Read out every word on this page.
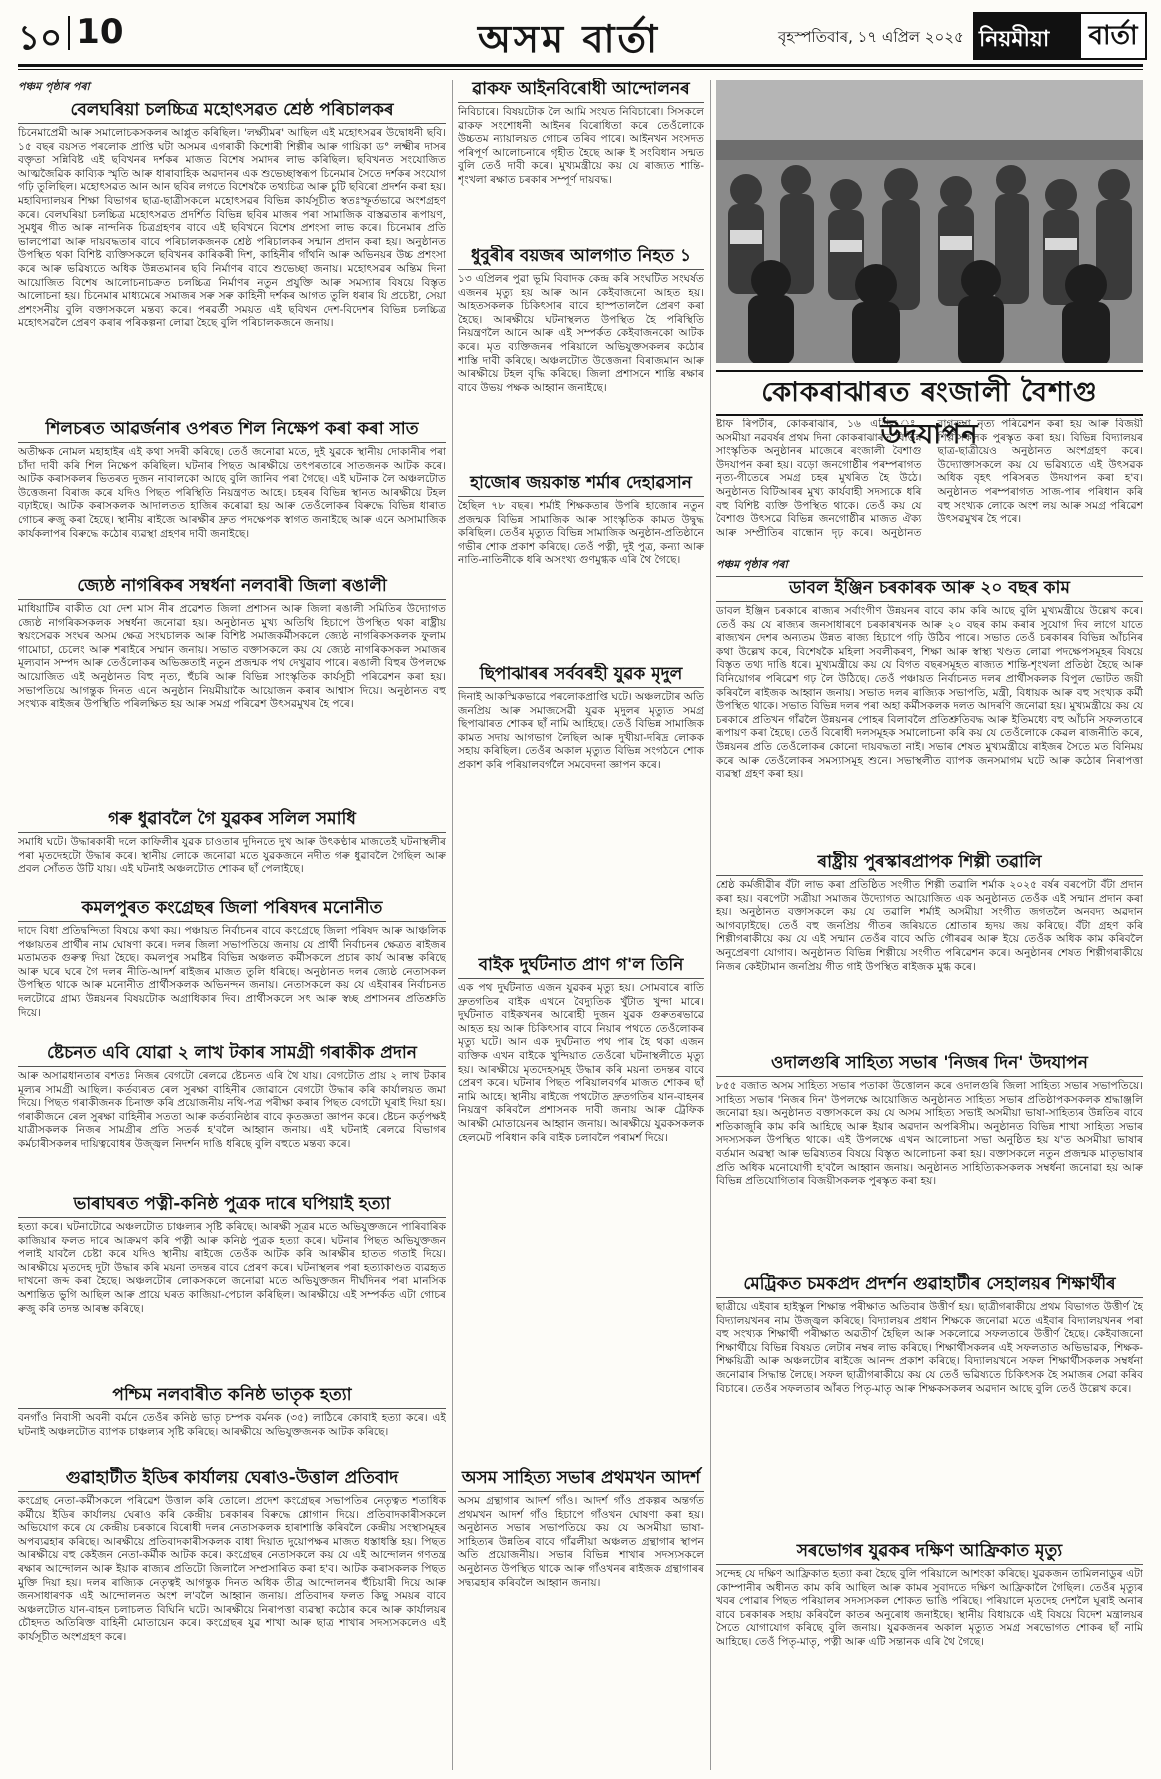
১০ 10	অসম বাৰ্তা	বৃহস্পতিবাৰ, ১৭ এপ্ৰিল ২০২৫ নিয়মীয়া বাৰ্তা
পঞ্চম পৃষ্ঠাৰ পৰা
বেলঘৰিয়া চলচ্চিত্ৰ মহোৎসৱত শ্ৰেষ্ঠ পৰিচালকৰ

চিনেমাপ্ৰেমী আৰু সমালোচকসকলৰ আপ্লুত কৰিছিল। 'লক্ষ্যীমৰ' আছিল এই মহোৎসৱৰ উদ্বোধনী ছবি। ১৫ বছৰ বয়সত পৰলোক প্ৰাপ্তি ঘটা অসমৰ এগৰাকী কিশোৰী শিল্পীৰ আৰু গায়িকা ড° লক্ষ্মীৰ দাসৰ বক্তৃতা সন্নিবিষ্ট এই ছবিখনৰ দৰ্শকৰ মাজত বিশেষ সমাদৰ লাভ কৰিছিল। ছবিখনত সংযোজিত আত্মজৈৱিক কাব্যিক স্মৃতি আৰু ধাৰাবাহিক অৱদানৰ এক শুভেচ্ছাস্বৰূপ চিনেমাৰ সৈতে দৰ্শকৰ সংযোগ গঢ়ি তুলিছিল। মহোৎসৱত আন আন ছবিৰ লগতে বিশেষকৈ তথ্যচিত্ৰ আৰু চুটি ছবিৰো প্ৰদৰ্শন কৰা হয়। মহাবিদ্যালয়ৰ শিক্ষা বিভাগৰ ছাত্ৰ-ছাত্ৰীসকলে মহোৎসৱৰ বিভিন্ন কাৰ্যসূচীত স্বতঃস্ফূৰ্তভাৱে অংশগ্ৰহণ কৰে। বেলঘৰিয়া চলচ্চিত্ৰ মহোৎসৱত প্ৰদৰ্শিত বিভিন্ন ছবিৰ মাজৰ পৰা সামাজিক বাস্তৱতাৰ ৰূপায়ণ, সুমধুৰ গীত আৰু নান্দনিক চিত্ৰগ্ৰহণৰ বাবে এই ছবিখনে বিশেষ প্ৰশংসা লাভ কৰে। চিনেমাৰ প্ৰতি ভালপোৱা আৰু দায়বদ্ধতাৰ বাবে পৰিচালকজনক শ্ৰেষ্ঠ পৰিচালকৰ সন্মান প্ৰদান কৰা হয়। অনুষ্ঠানত উপস্থিত থকা বিশিষ্ট ব্যক্তিসকলে ছবিখনৰ কাৰিকৰী দিশ, কাহিনীৰ গাঁথনি আৰু অভিনয়ৰ উচ্চ প্ৰশংসা কৰে আৰু ভৱিষ্যতে অধিক উন্নতমানৰ ছবি নিৰ্মাণৰ বাবে শুভেচ্ছা জনায়। মহোৎসৱৰ অন্তিম দিনা আয়োজিত বিশেষ আলোচনাচক্ৰত চলচ্চিত্ৰ নিৰ্মাণৰ নতুন প্ৰযুক্তি আৰু সমস্যাৰ বিষয়ে বিস্তৃত আলোচনা হয়। চিনেমাৰ মাধ্যমেৰে সমাজৰ সৰু সৰু কাহিনী দৰ্শকৰ আগত তুলি ধৰাৰ যি প্ৰচেষ্টা, সেয়া প্ৰশংসনীয় বুলি বক্তাসকলে মন্তব্য কৰে। পৰৱৰ্তী সময়ত এই ছবিখন দেশ-বিদেশৰ বিভিন্ন চলচ্চিত্ৰ মহোৎসৱলৈ প্ৰেৰণ কৰাৰ পৰিকল্পনা লোৱা হৈছে বুলি পৰিচালকজনে জনায়।

শিলচৰত আৱৰ্জনাৰ ওপৰত শিল নিক্ষেপ কৰা কৰা সাত

অতীক্ষক নোমল মহাহাইৰ এই কথা সদৰী কৰিছে। তেওঁ জনোৱা মতে, দুই যুৱকে স্থানীয় দোকানীৰ পৰা চাঁদা দাবী কৰি শিল নিক্ষেপ কৰিছিল। ঘটনাৰ পিছত আৰক্ষীয়ে তৎপৰতাৰে সাতজনক আটক কৰে। আটক কৰাসকলৰ ভিতৰত দুজন নাবালকো আছে বুলি জানিব পৰা গৈছে। এই ঘটনাক লৈ অঞ্চলটোত উত্তেজনা বিৰাজ কৰে যদিও পিছত পৰিস্থিতি নিয়ন্ত্ৰণত আহে। চহৰৰ বিভিন্ন স্থানত আৰক্ষীয়ে টহল বঢ়াইছে। আটক কৰাসকলক আদালতত হাজিৰ কৰোৱা হয় আৰু তেওঁলোকৰ বিৰুদ্ধে বিভিন্ন ধাৰাত গোচৰ ৰুজু কৰা হৈছে। স্থানীয় ৰাইজে আৰক্ষীৰ দ্ৰুত পদক্ষেপক স্বাগত জনাইছে আৰু এনে অসামাজিক কাৰ্যকলাপৰ বিৰুদ্ধে কঠোৰ ব্যৱস্থা গ্ৰহণৰ দাবী জনাইছে।

জ্যেষ্ঠ নাগৰিকৰ সম্বৰ্ধনা নলবাৰী জিলা ৰঙালী

মাধিয়াটিৰ বাকীত যো দেশ মাস নীৰ প্ৰৱেশত জিলা প্ৰশাসন আৰু জিলা ৰঙালী সমিতিৰ উদ্যোগত জ্যেষ্ঠ নাগৰিকসকলক সম্বৰ্ধনা জনোৱা হয়। অনুষ্ঠানত মুখ্য অতিথি হিচাপে উপস্থিত থকা ৰাষ্ট্ৰীয় স্বয়ংসেৱক সংঘৰ অসম ক্ষেত্ৰ সংঘচালক আৰু বিশিষ্ট সমাজকৰ্মীসকলে জ্যেষ্ঠ নাগৰিকসকলক ফুলাম গামোচা, চেলেং আৰু শৰাইৰে সম্মান জনায়। সভাত বক্তাসকলে কয় যে জ্যেষ্ঠ নাগৰিকসকল সমাজৰ মূল্যবান সম্পদ আৰু তেওঁলোকৰ অভিজ্ঞতাই নতুন প্ৰজন্মক পথ দেখুৱাব পাৰে। ৰঙালী বিহুৰ উপলক্ষে আয়োজিত এই অনুষ্ঠানত বিহু নৃত্য, হুঁচৰি আৰু বিভিন্ন সাংস্কৃতিক কাৰ্যসূচী পৰিৱেশন কৰা হয়। সভাপতিয়ে আগন্তুক দিনত এনে অনুষ্ঠান নিয়মীয়াকৈ আয়োজন কৰাৰ আশ্বাস দিয়ে। অনুষ্ঠানত বহু সংখ্যক ৰাইজৰ উপস্থিতি পৰিলক্ষিত হয় আৰু সমগ্ৰ পৰিৱেশ উৎসৱমুখৰ হৈ পৰে।

গৰু ধুৱাবলৈ গৈ যুৱকৰ সলিল সমাধি

সমাধি ঘটে। উদ্ধাৰকাৰী দলে কাফিলীৰ যুৱক চাওতাৰ দুদিনতে দুখ আৰু উৎকণ্ঠাৰ মাজতেই ঘটনাস্থলীৰ পৰা মৃতদেহটো উদ্ধাৰ কৰে। স্থানীয় লোকে জনোৱা মতে যুৱকজনে নদীত গৰু ধুৱাবলৈ গৈছিল আৰু প্ৰবল সোঁতত উটি যায়। এই ঘটনাই অঞ্চলটোত শোকৰ ছাঁ পেলাইছে।

কমলপুৰত কংগ্ৰেছৰ জিলা পৰিষদৰ মনোনীত

দাদে বিধা প্ৰতিদ্বন্দিতা বিষয়ে কথা কয়। পঞ্চায়ত নিৰ্বাচনৰ বাবে কংগ্ৰেছে জিলা পৰিষদ আৰু আঞ্চলিক পঞ্চায়তৰ প্ৰাৰ্থীৰ নাম ঘোষণা কৰে। দলৰ জিলা সভাপতিয়ে জনায় যে প্ৰাৰ্থী নিৰ্বাচনৰ ক্ষেত্ৰত ৰাইজৰ মতামতক গুৰুত্ব দিয়া হৈছে। কমলপুৰ সমষ্টিৰ বিভিন্ন অঞ্চলত কৰ্মীসকলে প্ৰচাৰ কাৰ্য আৰম্ভ কৰিছে আৰু ঘৰে ঘৰে গৈ দলৰ নীতি-আদৰ্শ ৰাইজৰ মাজত তুলি ধৰিছে। অনুষ্ঠানত দলৰ জ্যেষ্ঠ নেতাসকল উপস্থিত থাকে আৰু মনোনীত প্ৰাৰ্থীসকলক অভিনন্দন জনায়। নেতাসকলে কয় যে এইবাৰৰ নিৰ্বাচনত দলটোৱে গ্ৰাম্য উন্নয়নৰ বিষয়টোক অগ্ৰাধিকাৰ দিব। প্ৰাৰ্থীসকলে সৎ আৰু স্বচ্ছ প্ৰশাসনৰ প্ৰতিশ্ৰুতি দিয়ে।

ষ্টেচনত এবি যোৱা ২ লাখ টকাৰ সামগ্ৰী গৰাকীক প্ৰদান

আৰু অসাৱধানতাৰ বশতঃ নিজৰ বেগটো ৰেলৱে ষ্টেচনত এৰি থৈ যায়। বেগটোত প্ৰায় ২ লাখ টকাৰ মূল্যৰ সামগ্ৰী আছিল। কৰ্তব্যৰত ৰেল সুৰক্ষা বাহিনীৰ জোৱানে বেগটো উদ্ধাৰ কৰি কাৰ্যালয়ত জমা দিয়ে। পিছত গৰাকীজনক চিনাক্ত কৰি প্ৰয়োজনীয় নথি-পত্ৰ পৰীক্ষা কৰাৰ পিছত বেগটো ঘূৰাই দিয়া হয়। গৰাকীজনে ৰেল সুৰক্ষা বাহিনীৰ সততা আৰু কৰ্তব্যনিষ্ঠাৰ বাবে কৃতজ্ঞতা জ্ঞাপন কৰে। ষ্টেচন কৰ্তৃপক্ষই যাত্ৰীসকলক নিজৰ সামগ্ৰীৰ প্ৰতি সতৰ্ক হ'বলৈ আহ্বান জনায়। এই ঘটনাই ৰেলৱে বিভাগৰ কৰ্মচাৰীসকলৰ দায়িত্ববোধৰ উজ্জ্বল নিদৰ্শন দাঙি ধৰিছে বুলি বহুতে মন্তব্য কৰে।

ভাৰাঘৰত পত্নী-কনিষ্ঠ পুত্ৰক দাৰে ঘপিয়াই হত্যা

হত্যা কৰে। ঘটনাটোৱে অঞ্চলটোত চাঞ্চল্যৰ সৃষ্টি কৰিছে। আৰক্ষী সূত্ৰৰ মতে অভিযুক্তজনে পাৰিবাৰিক কাজিয়াৰ ফলত দাৰে আক্ৰমণ কৰি পত্নী আৰু কনিষ্ঠ পুত্ৰক হত্যা কৰে। ঘটনাৰ পিছত অভিযুক্তজন পলাই যাবলৈ চেষ্টা কৰে যদিও স্থানীয় ৰাইজে তেওঁক আটক কৰি আৰক্ষীৰ হাতত গতাই দিয়ে। আৰক্ষীয়ে মৃতদেহ দুটা উদ্ধাৰ কৰি ময়না তদন্তৰ বাবে প্ৰেৰণ কৰে। ঘটনাস্থলৰ পৰা হত্যাকাণ্ডত ব্যৱহৃত দাখনো জব্দ কৰা হৈছে। অঞ্চলটোৰ লোকসকলে জনোৱা মতে অভিযুক্তজন দীৰ্ঘদিনৰ পৰা মানসিক অশান্তিত ভুগি আছিল আৰু প্ৰায়ে ঘৰত কাজিয়া-পেচাল কৰিছিল। আৰক্ষীয়ে এই সম্পৰ্কত এটা গোচৰ ৰুজু কৰি তদন্ত আৰম্ভ কৰিছে।

পশ্চিম নলবাৰীত কনিষ্ঠ ভাতৃক হত্যা

বনগাঁও নিবাসী অবনী বৰ্মনে তেওঁৰ কনিষ্ঠ ভাতৃ চম্পক বৰ্মনক (৩৫) লাঠিৰে কোবাই হত্যা কৰে। এই ঘটনাই অঞ্চলটোত ব্যাপক চাঞ্চল্যৰ সৃষ্টি কৰিছে। আৰক্ষীয়ে অভিযুক্তজনক আটক কৰিছে।

গুৱাহাটীত ইডিৰ কাৰ্যালয় ঘেৰাও-উত্তাল প্ৰতিবাদ

কংগ্ৰেছ নেতা-কৰ্মীসকলে পৰিৱেশ উত্তাল কৰি তোলে। প্ৰদেশ কংগ্ৰেছৰ সভাপতিৰ নেতৃত্বত শতাধিক কৰ্মীয়ে ইডিৰ কাৰ্যালয় ঘেৰাও কৰি কেন্দ্ৰীয় চৰকাৰৰ বিৰুদ্ধে শ্লোগান দিয়ে। প্ৰতিবাদকাৰীসকলে অভিযোগ কৰে যে কেন্দ্ৰীয় চৰকাৰে বিৰোধী দলৰ নেতাসকলক হাৰাশাস্তি কৰিবলৈ কেন্দ্ৰীয় সংস্থাসমূহৰ অপব্যৱহাৰ কৰিছে। আৰক্ষীয়ে প্ৰতিবাদকাৰীসকলক বাধা দিয়াত দুয়োপক্ষৰ মাজত ধস্তাধস্তি হয়। পিছত আৰক্ষীয়ে বহু কেইজন নেতা-কৰ্মীক আটক কৰে। কংগ্ৰেছৰ নেতাসকলে কয় যে এই আন্দোলন গণতন্ত্ৰ ৰক্ষাৰ আন্দোলন আৰু ইয়াক ৰাজ্যৰ প্ৰতিটো জিলালৈ সম্প্ৰসাৰিত কৰা হ'ব। আটক কৰাসকলক পিছত মুক্তি দিয়া হয়। দলৰ ৰাজ্যিক নেতৃত্বই আগন্তুক দিনত অধিক তীব্ৰ আন্দোলনৰ হুঁচিয়াৰী দিয়ে আৰু জনসাধাৰণক এই আন্দোলনত অংশ ল'বলৈ আহ্বান জনায়। প্ৰতিবাদৰ ফলত কিছু সময়ৰ বাবে অঞ্চলটোত যান-বাহন চলাচলত বিঘিনি ঘটে। আৰক্ষীয়ে নিৰাপত্তা ব্যৱস্থা কঠোৰ কৰে আৰু কাৰ্যালয়ৰ চৌহদত অতিৰিক্ত বাহিনী মোতায়েন কৰে। কংগ্ৰেছৰ যুৱ শাখা আৰু ছাত্ৰ শাখাৰ সদস্যসকলেও এই কাৰ্যসূচীত অংশগ্ৰহণ কৰে।

ৱাকফ আইনবিৰোধী আন্দোলনৰ

নিবিচাৰে। বিষয়টোক লৈ আমি সংযত নিবিচাৰো। সিসকলে ৱাকফ সংশোধনী আইনৰ বিৰোধিতা কৰে তেওঁলোকে উচ্চতম ন্যায়ালয়ত গোচৰ তৰিব পাৰে। আইনখন সংসদত পৰিপূৰ্ণ আলোচনাৰে গৃহীত হৈছে আৰু ই সংবিধান সন্মত বুলি তেওঁ দাবী কৰে। মুখ্যমন্ত্ৰীয়ে কয় যে ৰাজ্যত শান্তি-শৃংখলা ৰক্ষাত চৰকাৰ সম্পূৰ্ণ দায়বদ্ধ।

ধুবুৰীৰ বয়জৰ আলগাত নিহত ১

১৩ এপ্ৰিলৰ পুৱা ভূমি বিবাদক কেন্দ্ৰ কৰি সংঘটিত সংঘৰ্ষত এজনৰ মৃত্যু হয় আৰু আন কেইবাজনো আহত হয়। আহতসকলক চিকিৎসাৰ বাবে হাস্পতাললৈ প্ৰেৰণ কৰা হৈছে। আৰক্ষীয়ে ঘটনাস্থলত উপস্থিত হৈ পৰিস্থিতি নিয়ন্ত্ৰণলৈ আনে আৰু এই সম্পৰ্কত কেইবাজনকো আটক কৰে। মৃত ব্যক্তিজনৰ পৰিয়ালে অভিযুক্তসকলৰ কঠোৰ শাস্তি দাবী কৰিছে। অঞ্চলটোত উত্তেজনা বিৰাজমান আৰু আৰক্ষীয়ে টহল বৃদ্ধি কৰিছে। জিলা প্ৰশাসনে শান্তি ৰক্ষাৰ বাবে উভয় পক্ষক আহ্বান জনাইছে।

হাজোৰ জয়কান্ত শৰ্মাৰ দেহাৱসান

হৈছিল ৭৮ বছৰ। শৰ্মাই শিক্ষকতাৰ উপৰি হাজোৰ নতুন প্ৰজন্মক বিভিন্ন সামাজিক আৰু সাংস্কৃতিক কামত উদ্বুদ্ধ কৰিছিল। তেওঁৰ মৃত্যুত বিভিন্ন সামাজিক অনুষ্ঠান-প্ৰতিষ্ঠানে গভীৰ শোক প্ৰকাশ কৰিছে। তেওঁ পত্নী, দুই পুত্ৰ, কন্যা আৰু নাতি-নাতিনীকে ধৰি অসংখ্য গুণমুগ্ধক এৰি থৈ গৈছে।

ছিপাঝাৰৰ সৰ্ববৰহী যুৱক মৃদুল

দিনাই আকস্মিকভাৱে পৰলোকপ্ৰাপ্তি ঘটে। অঞ্চলটোৰ অতি জনপ্ৰিয় আৰু সমাজসেৱী যুৱক মৃদুলৰ মৃত্যুত সমগ্ৰ ছিপাঝাৰত শোকৰ ছাঁ নামি আহিছে। তেওঁ বিভিন্ন সামাজিক কামত সদায় আগভাগ লৈছিল আৰু দুখীয়া-দৰিদ্ৰ লোকক সহায় কৰিছিল। তেওঁৰ অকাল মৃত্যুত বিভিন্ন সংগঠনে শোক প্ৰকাশ কৰি পৰিয়ালবৰ্গলৈ সমবেদনা জ্ঞাপন কৰে।

বাইক দুৰ্ঘটনাত প্ৰাণ গ'ল তিনি

এক পথ দুৰ্ঘটনাত এজন যুৱকৰ মৃত্যু হয়। সোমবাৰে ৰাতি দ্ৰুতগতিৰ বাইক এখনে বৈদ্যুতিক খুঁটাত খুন্দা মাৰে। দুৰ্ঘটনাত বাইকখনৰ আৰোহী দুজন যুৱক গুৰুতৰভাৱে আহত হয় আৰু চিকিৎসাৰ বাবে নিয়াৰ পথতে তেওঁলোকৰ মৃত্যু ঘটে। আন এক দুৰ্ঘটনাত পথ পাৰ হৈ থকা এজন ব্যক্তিক এখন বাইকে খুন্দিয়াত তেওঁৰো ঘটনাস্থলীতে মৃত্যু হয়। আৰক্ষীয়ে মৃতদেহসমূহ উদ্ধাৰ কৰি ময়না তদন্তৰ বাবে প্ৰেৰণ কৰে। ঘটনাৰ পিছত পৰিয়ালবৰ্গৰ মাজত শোকৰ ছাঁ নামি আহে। স্থানীয় ৰাইজে পথটোত দ্ৰুতগতিৰ যান-বাহনৰ নিয়ন্ত্ৰণ কৰিবলৈ প্ৰশাসনক দাবী জনায় আৰু ট্ৰেফিক আৰক্ষী মোতায়েনৰ আহ্বান জনায়। আৰক্ষীয়ে যুৱকসকলক হেলমেট পৰিধান কৰি বাইক চলাবলৈ পৰামৰ্শ দিয়ে।

অসম সাহিত্য সভাৰ প্ৰথমখন আদৰ্শ

অসম গ্ৰন্থাগাৰ আদৰ্শ গাঁও। আদৰ্শ গাঁও প্ৰকল্পৰ অন্তৰ্গত প্ৰথমখন আদৰ্শ গাঁও হিচাপে গাঁওখন ঘোষণা কৰা হয়। অনুষ্ঠানত সভাৰ সভাপতিয়ে কয় যে অসমীয়া ভাষা-সাহিত্যৰ উন্নতিৰ বাবে গাঁৱলীয়া অঞ্চলত গ্ৰন্থাগাৰ স্থাপন অতি প্ৰয়োজনীয়। সভাৰ বিভিন্ন শাখাৰ সদস্যসকলে অনুষ্ঠানত উপস্থিত থাকে আৰু গাঁওখনৰ ৰাইজক গ্ৰন্থাগাৰৰ সদ্ব্যৱহাৰ কৰিবলৈ আহ্বান জনায়।

কোকৰাঝাৰত ৰংজালী বৈশাগু উদযাপন

ষ্টাফ ৰিপৰ্টাৰ, কোকৰাঝাৰ, ১৬ এপ্ৰিল ঃ অসমীয়া নৱবৰ্ষৰ প্ৰথম দিনা কোকৰাঝাৰত বিভিন্ন সাংস্কৃতিক অনুষ্ঠানৰ মাজেৰে ৰংজালী বৈশাগু উদযাপন কৰা হয়। বড়ো জনগোষ্ঠীৰ পৰম্পৰাগত নৃত্য-গীতেৰে সমগ্ৰ চহৰ মুখৰিত হৈ উঠে। অনুষ্ঠানত বিটিআৰৰ মুখ্য কাৰ্যবাহী সদস্যকে ধৰি বহু বিশিষ্ট ব্যক্তি উপস্থিত থাকে। তেওঁ কয় যে বৈশাগু উৎসৱে বিভিন্ন জনগোষ্ঠীৰ মাজত ঐক্য আৰু সম্প্ৰীতিৰ বান্ধোন দৃঢ় কৰে। অনুষ্ঠানত বাগৰুম্বা নৃত্য পৰিৱেশন কৰা হয় আৰু বিজয়ী শিল্পীসকলক পুৰস্কৃত কৰা হয়। বিভিন্ন বিদ্যালয়ৰ ছাত্ৰ-ছাত্ৰীয়েও অনুষ্ঠানত অংশগ্ৰহণ কৰে। উদ্যোক্তাসকলে কয় যে ভৱিষ্যতে এই উৎসৱক অধিক বৃহৎ পৰিসৰত উদযাপন কৰা হ'ব। অনুষ্ঠানত পৰম্পৰাগত সাজ-পাৰ পৰিধান কৰি বহু সংখ্যক লোকে অংশ লয় আৰু সমগ্ৰ পৰিৱেশ উৎসৱমুখৰ হৈ পৰে।

পঞ্চম পৃষ্ঠাৰ পৰা
ডাবল ইঞ্জিন চৰকাৰক আৰু ২০ বছৰ কাম

ডাবল ইঞ্জিন চৰকাৰে ৰাজ্যৰ সৰ্বাংগীণ উন্নয়নৰ বাবে কাম কৰি আছে বুলি মুখ্যমন্ত্ৰীয়ে উল্লেখ কৰে। তেওঁ কয় যে ৰাজ্যৰ জনসাধাৰণে চৰকাৰখনক আৰু ২০ বছৰ কাম কৰাৰ সুযোগ দিব লাগে যাতে ৰাজ্যখন দেশৰ অন্যতম উন্নত ৰাজ্য হিচাপে গঢ়ি উঠিব পাৰে। সভাত তেওঁ চৰকাৰৰ বিভিন্ন আঁচনিৰ কথা উল্লেখ কৰে, বিশেষকৈ মহিলা সবলীকৰণ, শিক্ষা আৰু স্বাস্থ্য খণ্ডত লোৱা পদক্ষেপসমূহৰ বিষয়ে বিস্তৃত তথ্য দাঙি ধৰে। মুখ্যমন্ত্ৰীয়ে কয় যে বিগত বছৰসমূহত ৰাজ্যত শান্তি-শৃংখলা প্ৰতিষ্ঠা হৈছে আৰু বিনিয়োগৰ পৰিৱেশ গঢ় লৈ উঠিছে। তেওঁ পঞ্চায়ত নিৰ্বাচনত দলৰ প্ৰাৰ্থীসকলক বিপুল ভোটত জয়ী কৰিবলৈ ৰাইজক আহ্বান জনায়। সভাত দলৰ ৰাজ্যিক সভাপতি, মন্ত্ৰী, বিধায়ক আৰু বহু সংখ্যক কৰ্মী উপস্থিত থাকে। সভাত বিভিন্ন দলৰ পৰা অহা কৰ্মীসকলক দলত আদৰণি জনোৱা হয়। মুখ্যমন্ত্ৰীয়ে কয় যে চৰকাৰে প্ৰতিখন গাঁৱলৈ উন্নয়নৰ পোহৰ বিলাবলৈ প্ৰতিশ্ৰুতিবদ্ধ আৰু ইতিমধ্যে বহু আঁচনি সফলতাৰে ৰূপায়ণ কৰা হৈছে। তেওঁ বিৰোধী দলসমূহক সমালোচনা কৰি কয় যে তেওঁলোকে কেৱল ৰাজনীতি কৰে, উন্নয়নৰ প্ৰতি তেওঁলোকৰ কোনো দায়বদ্ধতা নাই। সভাৰ শেষত মুখ্যমন্ত্ৰীয়ে ৰাইজৰ সৈতে মত বিনিময় কৰে আৰু তেওঁলোকৰ সমস্যাসমূহ শুনে। সভাস্থলীত ব্যাপক জনসমাগম ঘটে আৰু কঠোৰ নিৰাপত্তা ব্যৱস্থা গ্ৰহণ কৰা হয়।

ৰাষ্ট্ৰীয় পুৰস্কাৰপ্ৰাপক শিল্পী তৱালি

শ্ৰেষ্ঠ কৰ্মজীৱীৰ বঁটা লাভ কৰা প্ৰতিষ্ঠিত সংগীত শিল্পী তৱালি শৰ্মাক ২০২৫ বৰ্ষৰ বৰপেটা বঁটা প্ৰদান কৰা হয়। বৰপেটা সত্ৰীয়া সমাজৰ উদ্যোগত আয়োজিত এক অনুষ্ঠানত তেওঁক এই সন্মান প্ৰদান কৰা হয়। অনুষ্ঠানত বক্তাসকলে কয় যে তৱালি শৰ্মাই অসমীয়া সংগীত জগতলৈ অনবদ্য অৱদান আগবঢ়াইছে। তেওঁ বহু জনপ্ৰিয় গীতৰ জৰিয়তে শ্ৰোতাৰ হৃদয় জয় কৰিছে। বঁটা গ্ৰহণ কৰি শিল্পীগৰাকীয়ে কয় যে এই সন্মান তেওঁৰ বাবে অতি গৌৰৱৰ আৰু ইয়ে তেওঁক অধিক কাম কৰিবলৈ অনুপ্ৰেৰণা যোগাব। অনুষ্ঠানত বিভিন্ন শিল্পীয়ে সংগীত পৰিৱেশন কৰে। অনুষ্ঠানৰ শেষত শিল্পীগৰাকীয়ে নিজৰ কেইটামান জনপ্ৰিয় গীত গাই উপস্থিত ৰাইজক মুগ্ধ কৰে।

ওদালগুৰি সাহিত্য সভাৰ 'নিজৰ দিন' উদযাপন

৮৫৫ বজাত অসম সাহিত্য সভাৰ পতাকা উত্তোলন কৰে ওদালগুৰি জিলা সাহিত্য সভাৰ সভাপতিয়ে। সাহিত্য সভাৰ 'নিজৰ দিন' উপলক্ষে আয়োজিত অনুষ্ঠানত সাহিত্য সভাৰ প্ৰতিষ্ঠাপকসকলক শ্ৰদ্ধাঞ্জলি জনোৱা হয়। অনুষ্ঠানত বক্তাসকলে কয় যে অসম সাহিত্য সভাই অসমীয়া ভাষা-সাহিত্যৰ উন্নতিৰ বাবে শতিকাজুৰি কাম কৰি আহিছে আৰু ইয়াৰ অৱদান অপৰিসীম। অনুষ্ঠানত বিভিন্ন শাখা সাহিত্য সভাৰ সদস্যসকল উপস্থিত থাকে। এই উপলক্ষে এখন আলোচনা সভা অনুষ্ঠিত হয় য'ত অসমীয়া ভাষাৰ বৰ্তমান অৱস্থা আৰু ভৱিষ্যতৰ বিষয়ে বিস্তৃত আলোচনা কৰা হয়। বক্তাসকলে নতুন প্ৰজন্মক মাতৃভাষাৰ প্ৰতি অধিক মনোযোগী হ'বলৈ আহ্বান জনায়। অনুষ্ঠানত সাহিত্যিকসকলক সম্বৰ্ধনা জনোৱা হয় আৰু বিভিন্ন প্ৰতিযোগিতাৰ বিজয়ীসকলক পুৰস্কৃত কৰা হয়।

মেট্ৰিকত চমকপ্ৰদ প্ৰদৰ্শন গুৱাহাটীৰ সেহালয়ৰ শিক্ষাৰ্থীৰ

ছাত্ৰীয়ে এইবাৰ হাইস্কুল শিক্ষান্ত পৰীক্ষাত অতিবাৰ উত্তীৰ্ণ হয়। ছাত্ৰীগৰাকীয়ে প্ৰথম বিভাগত উত্তীৰ্ণ হৈ বিদ্যালয়খনৰ নাম উজ্জ্বল কৰিছে। বিদ্যালয়ৰ প্ৰধান শিক্ষকে জনোৱা মতে এইবাৰ বিদ্যালয়খনৰ পৰা বহু সংখ্যক শিক্ষাৰ্থী পৰীক্ষাত অৱতীৰ্ণ হৈছিল আৰু সকলোৱে সফলতাৰে উত্তীৰ্ণ হৈছে। কেইবাজনো শিক্ষাৰ্থীয়ে বিভিন্ন বিষয়ত লেটাৰ নম্বৰ লাভ কৰিছে। শিক্ষাৰ্থীসকলৰ এই সফলতাত অভিভাৱক, শিক্ষক-শিক্ষয়িত্ৰী আৰু অঞ্চলটোৰ ৰাইজে আনন্দ প্ৰকাশ কৰিছে। বিদ্যালয়খনে সফল শিক্ষাৰ্থীসকলক সম্বৰ্ধনা জনোৱাৰ সিদ্ধান্ত লৈছে। সফল ছাত্ৰীগৰাকীয়ে কয় যে তেওঁ ভৱিষ্যতে চিকিৎসক হৈ সমাজৰ সেৱা কৰিব বিচাৰে। তেওঁৰ সফলতাৰ আঁৰত পিতৃ-মাতৃ আৰু শিক্ষকসকলৰ অৱদান আছে বুলি তেওঁ উল্লেখ কৰে।

সৰভোগৰ যুৱকৰ দক্ষিণ আফ্ৰিকাত মৃত্যু

সন্দেহ যে দক্ষিণ আফ্ৰিকাত হত্যা কৰা হৈছে বুলি পৰিয়ালে আশংকা কৰিছে। যুৱকজন তামিলনাডুৰ এটা কোম্পানীৰ অধীনত কাম কৰি আছিল আৰু কামৰ সুবাদতে দক্ষিণ আফ্ৰিকালৈ গৈছিল। তেওঁৰ মৃত্যুৰ খবৰ পোৱাৰ পিছত পৰিয়ালৰ সদস্যসকল শোকত ভাঙি পৰিছে। পৰিয়ালে মৃতদেহ দেশলৈ ঘূৰাই অনাৰ বাবে চৰকাৰক সহায় কৰিবলৈ কাতৰ অনুৰোধ জনাইছে। স্থানীয় বিধায়কে এই বিষয়ে বিদেশ মন্ত্ৰালয়ৰ সৈতে যোগাযোগ কৰিছে বুলি জনায়। যুৱকজনৰ অকাল মৃত্যুত সমগ্ৰ সৰভোগত শোকৰ ছাঁ নামি আহিছে। তেওঁ পিতৃ-মাতৃ, পত্নী আৰু এটি সন্তানক এৰি থৈ গৈছে।
